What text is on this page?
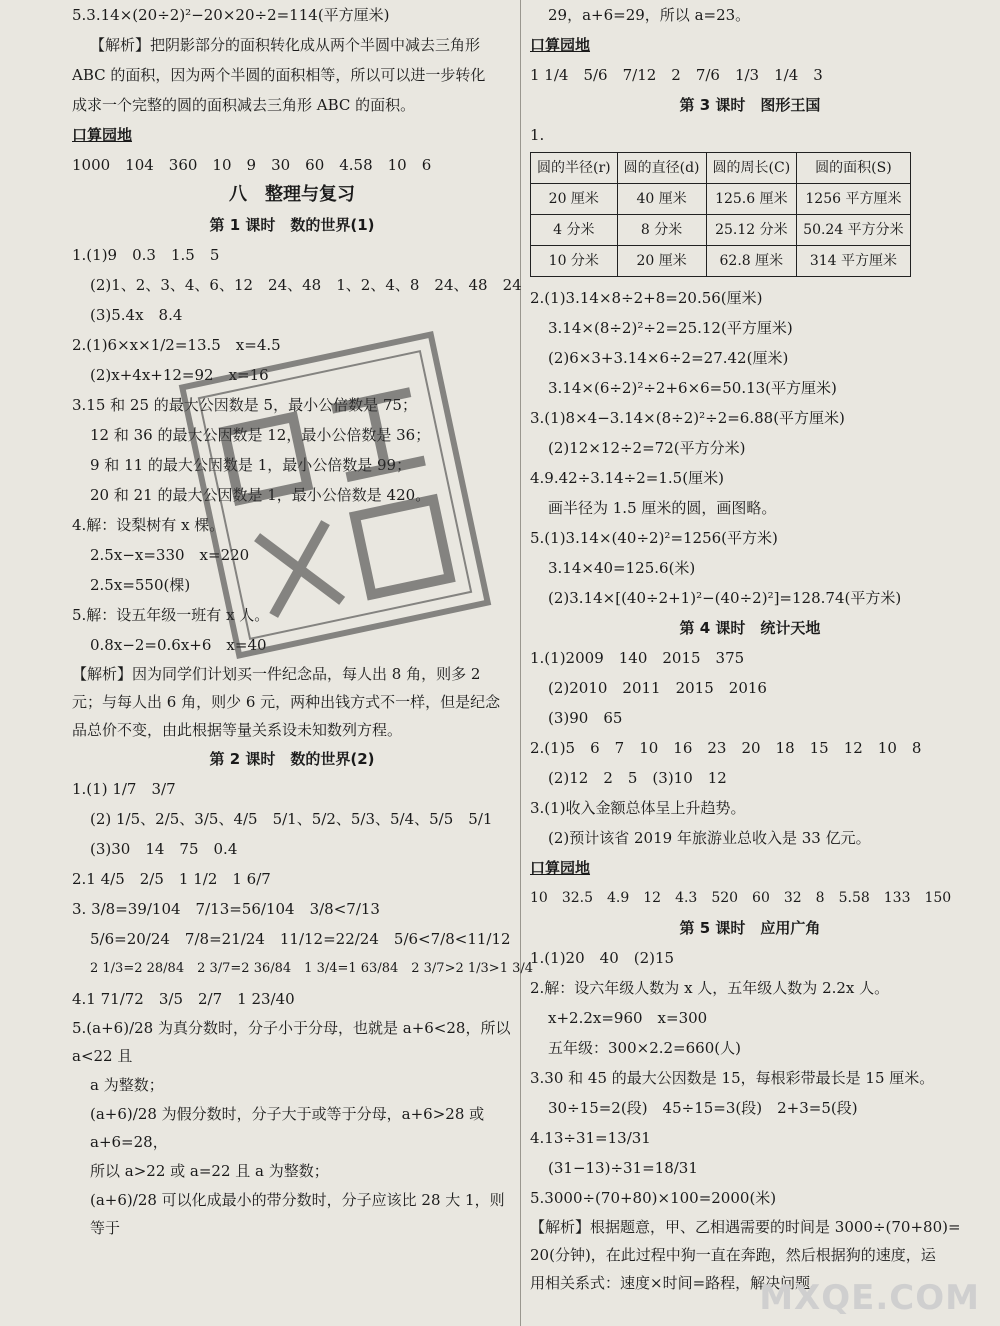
5.3.14×(20÷2)²−20×20÷2=114(平方厘米)
【解析】把阴影部分的面积转化成从两个半圆中减去三角形
ABC 的面积，因为两个半圆的面积相等，所以可以进一步转化
成求一个完整的圆的面积减去三角形 ABC 的面积。
口算园地
1000　104　360　10　9　30　60　4.58　10　6
八　整理与复习
第 1 课时　数的世界(1)
1.(1)9　0.3　1.5　5
(2)1、2、3、4、6、12　24、48　1、2、4、8　24、48　24
(3)5.4x　8.4
2.(1)6×x×1/2=13.5　x=4.5
(2)x+4x+12=92　x=16
3.15 和 25 的最大公因数是 5，最小公倍数是 75；
12 和 36 的最大公因数是 12，最小公倍数是 36；
9 和 11 的最大公因数是 1，最小公倍数是 99；
20 和 21 的最大公因数是 1，最小公倍数是 420。
4.解：设梨树有 x 棵。
2.5x−x=330　x=220
2.5x=550(棵)
5.解：设五年级一班有 x 人。
0.8x−2=0.6x+6　x=40
【解析】因为同学们计划买一件纪念品，每人出 8 角，则多 2
元；与每人出 6 角，则少 6 元，两种出钱方式不一样，但是纪念
品总价不变，由此根据等量关系设未知数列方程。
第 2 课时　数的世界(2)
1.(1) 1/7　3/7
(2) 1/5、2/5、3/5、4/5　5/1、5/2、5/3、5/4、5/5　5/1
(3)30　14　75　0.4
2.1 4/5　2/5　1 1/2　1 6/7
3. 3/8=39/104　7/13=56/104　3/8<7/13
5/6=20/24　7/8=21/24　11/12=22/24　5/6<7/8<11/12
2 1/3=2 28/84　2 3/7=2 36/84　1 3/4=1 63/84　2 3/7>2 1/3>1 3/4
4.1 71/72　3/5　2/7　1 23/40
5.(a+6)/28 为真分数时，分子小于分母，也就是 a+6<28，所以 a<22 且
a 为整数；
(a+6)/28 为假分数时，分子大于或等于分母，a+6>28 或 a+6=28，
所以 a>22 或 a=22 且 a 为整数；
(a+6)/28 可以化成最小的带分数时，分子应该比 28 大 1，则等于
29，a+6=29，所以 a=23。
口算园地
1 1/4　5/6　7/12　2　7/6　1/3　1/4　3
第 3 课时　图形王国
1.
圆的半径(r)	圆的直径(d)	圆的周长(C)	圆的面积(S)
20 厘米	40 厘米	125.6 厘米	1256 平方厘米
4 分米	8 分米	25.12 分米	50.24 平方分米
10 分米	20 厘米	62.8 厘米	314 平方厘米
2.(1)3.14×8÷2+8=20.56(厘米)
3.14×(8÷2)²÷2=25.12(平方厘米)
(2)6×3+3.14×6÷2=27.42(厘米)
3.14×(6÷2)²÷2+6×6=50.13(平方厘米)
3.(1)8×4−3.14×(8÷2)²÷2=6.88(平方厘米)
(2)12×12÷2=72(平方分米)
4.9.42÷3.14÷2=1.5(厘米)
画半径为 1.5 厘米的圆，画图略。
5.(1)3.14×(40÷2)²=1256(平方米)
3.14×40=125.6(米)
(2)3.14×[(40÷2+1)²−(40÷2)²]=128.74(平方米)
第 4 课时　统计天地
1.(1)2009　140　2015　375
(2)2010　2011　2015　2016
(3)90　65
2.(1)5　6　7　10　16　23　20　18　15　12　10　8
(2)12　2　5　(3)10　12
3.(1)收入金额总体呈上升趋势。
(2)预计该省 2019 年旅游业总收入是 33 亿元。
口算园地
10　32.5　4.9　12　4.3　520　60　32　8　5.58　133　150
第 5 课时　应用广角
1.(1)20　40　(2)15
2.解：设六年级人数为 x 人，五年级人数为 2.2x 人。
x+2.2x=960　x=300
五年级：300×2.2=660(人)
3.30 和 45 的最大公因数是 15，每根彩带最长是 15 厘米。
30÷15=2(段)　45÷15=3(段)　2+3=5(段)
4.13÷31=13/31
(31−13)÷31=18/31
5.3000÷(70+80)×100=2000(米)
【解析】根据题意，甲、乙相遇需要的时间是 3000÷(70+80)=
20(分钟)，在此过程中狗一直在奔跑，然后根据狗的速度，运
用相关系式：速度×时间=路程，解决问题。
MXQE.COM
